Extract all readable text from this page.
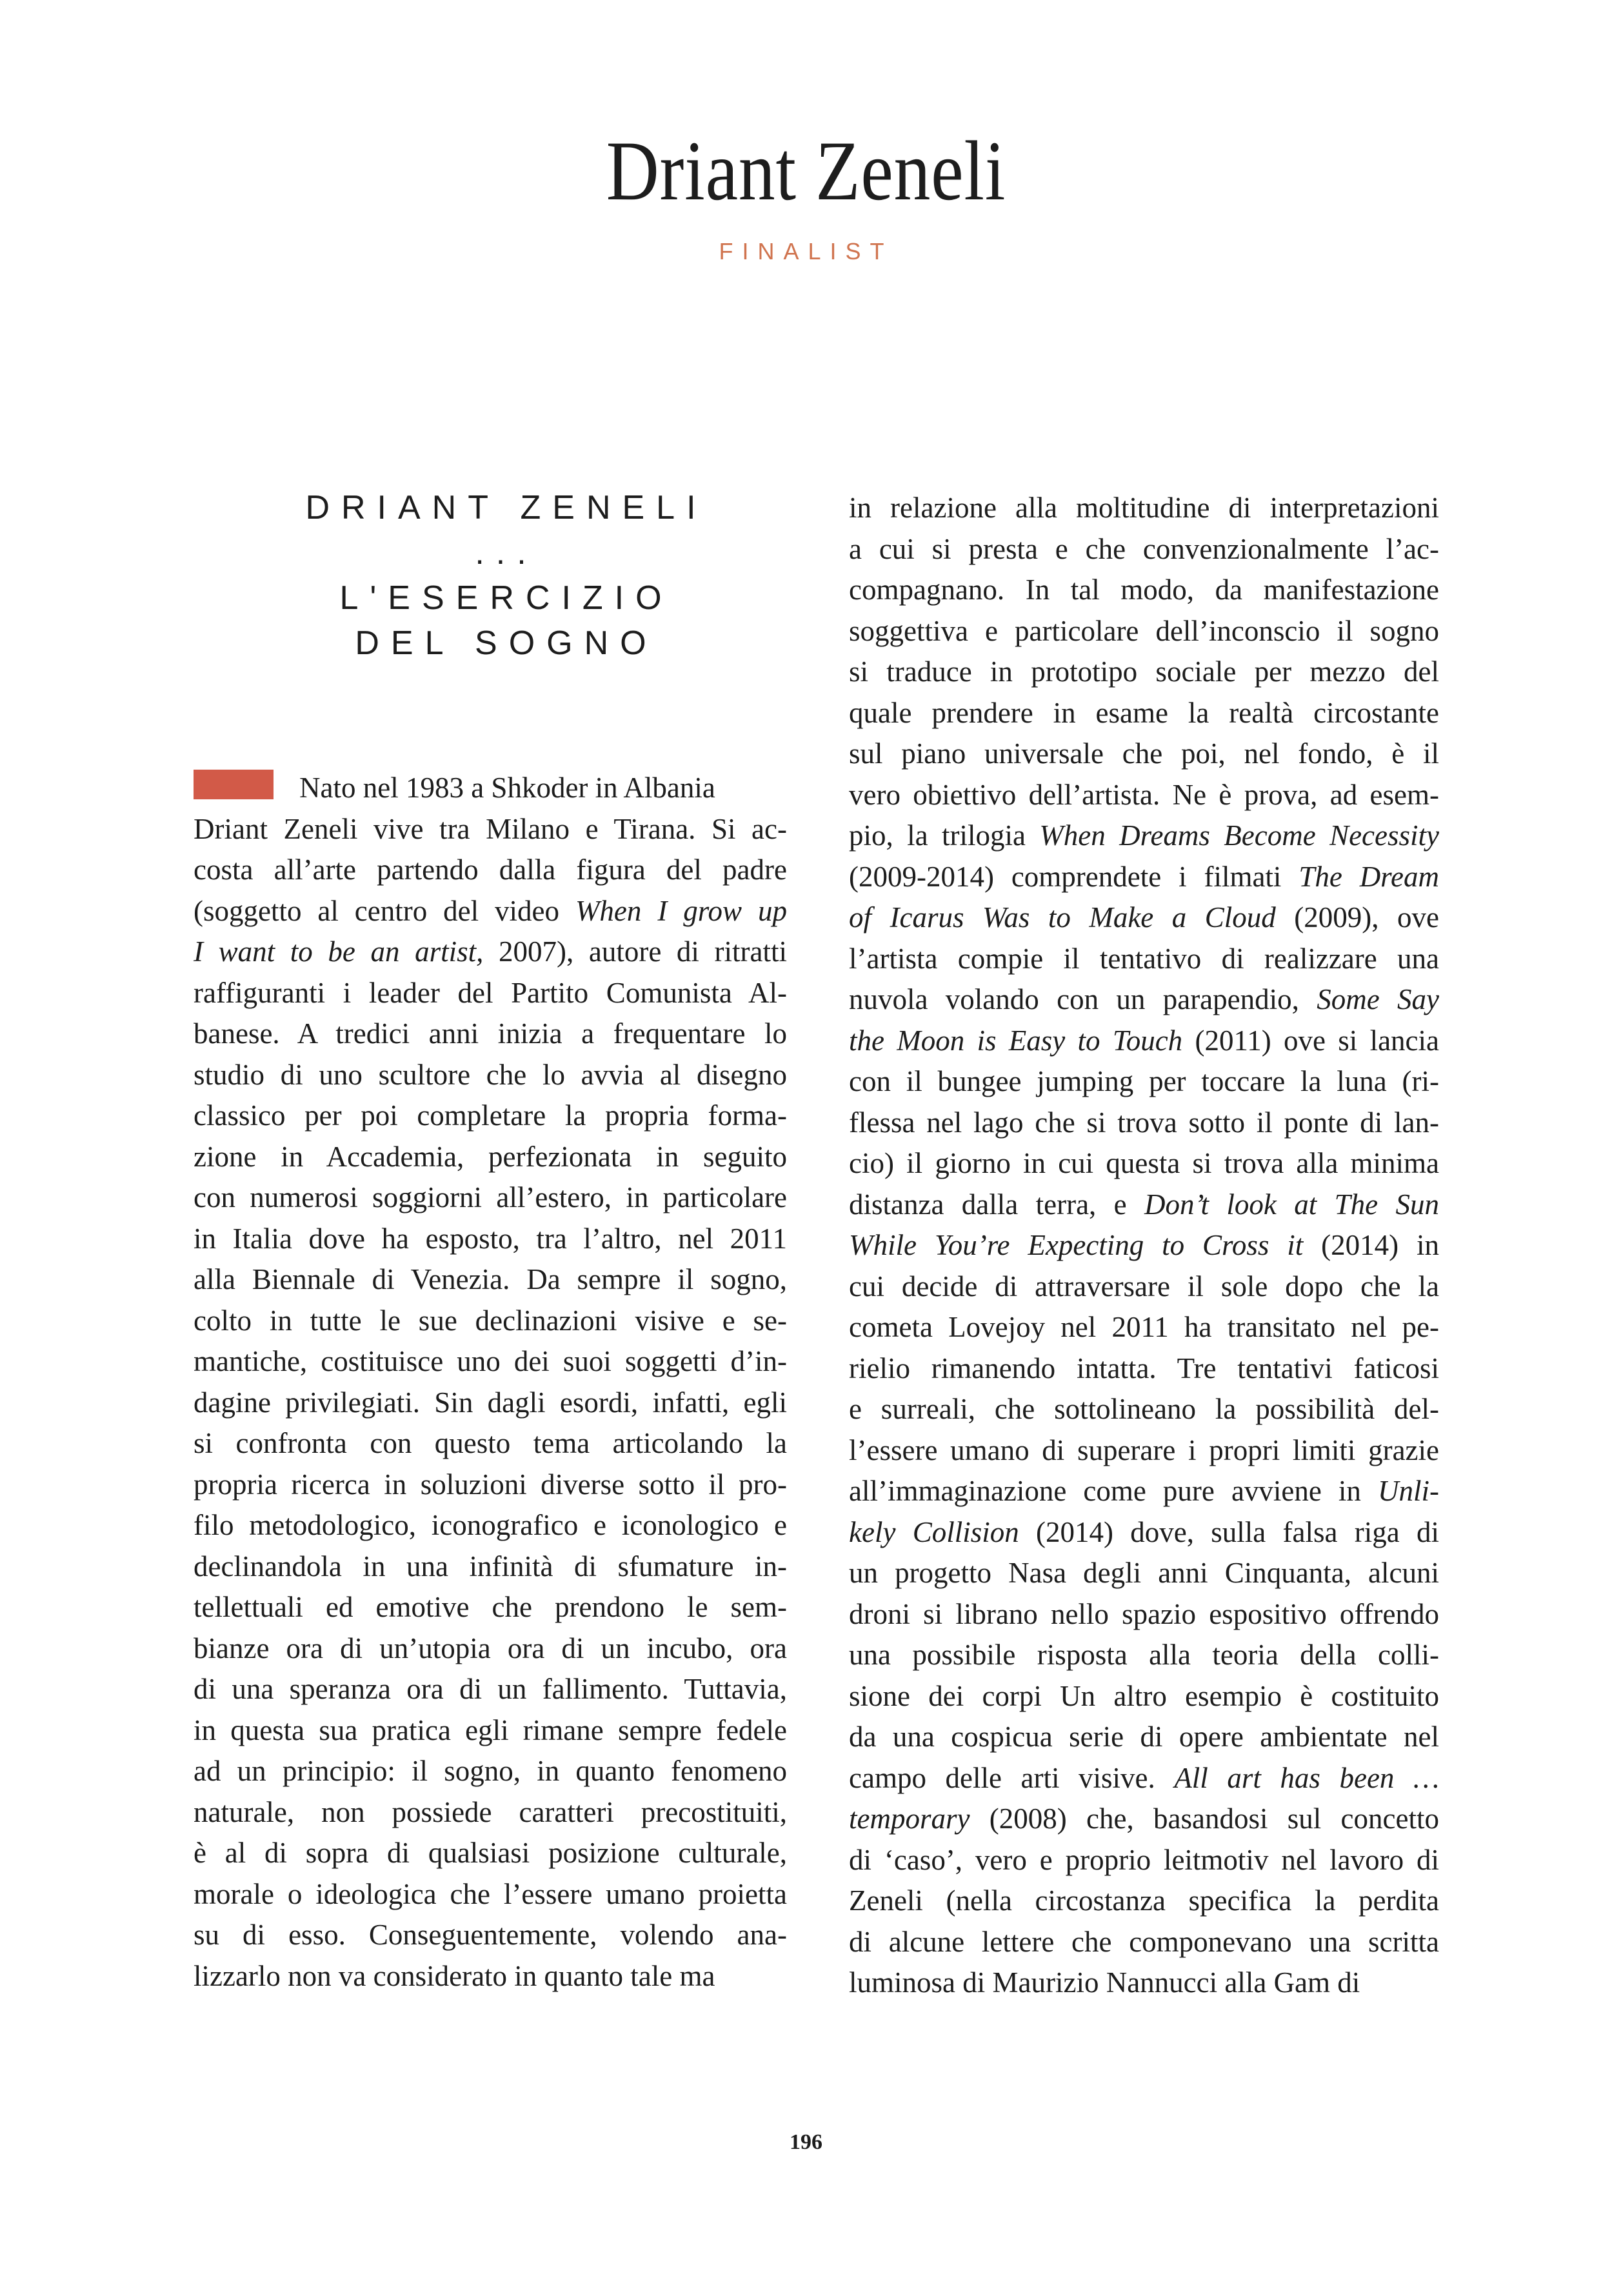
Driant Zeneli
FINALIST
DRIANT ZENELI
...
L'ESERCIZIO
DEL SOGNO
Nato nel 1983 a Shkoder in Albania
Driant Zeneli vive tra Milano e Tirana. Si ac-
costa all’arte partendo dalla figura del padre
(soggetto al centro del video When I grow up
I want to be an artist, 2007), autore di ritratti
raffiguranti i leader del Partito Comunista Al-
banese. A tredici anni inizia a frequentare lo
studio di uno scultore che lo avvia al disegno
classico per poi completare la propria forma-
zione in Accademia, perfezionata in seguito
con numerosi soggiorni all’estero, in particolare
in Italia dove ha esposto, tra l’altro, nel 2011
alla Biennale di Venezia. Da sempre il sogno,
colto in tutte le sue declinazioni visive e se-
mantiche, costituisce uno dei suoi soggetti d’in-
dagine privilegiati. Sin dagli esordi, infatti, egli
si confronta con questo tema articolando la
propria ricerca in soluzioni diverse sotto il pro-
filo metodologico, iconografico e iconologico e
declinandola in una infinità di sfumature in-
tellettuali ed emotive che prendono le sem-
bianze ora di un’utopia ora di un incubo, ora
di una speranza ora di un fallimento. Tuttavia,
in questa sua pratica egli rimane sempre fedele
ad un principio: il sogno, in quanto fenomeno
naturale, non possiede caratteri precostituiti,
è al di sopra di qualsiasi posizione culturale,
morale o ideologica che l’essere umano proietta
su di esso. Conseguentemente, volendo ana-
lizzarlo non va considerato in quanto tale ma
in relazione alla moltitudine di interpretazioni
a cui si presta e che convenzionalmente l’ac-
compagnano. In tal modo, da manifestazione
soggettiva e particolare dell’inconscio il sogno
si traduce in prototipo sociale per mezzo del
quale prendere in esame la realtà circostante
sul piano universale che poi, nel fondo, è il
vero obiettivo dell’artista. Ne è prova, ad esem-
pio, la trilogia When Dreams Become Necessity
(2009-2014) comprendete i filmati The Dream
of Icarus Was to Make a Cloud (2009), ove
l’artista compie il tentativo di realizzare una
nuvola volando con un parapendio, Some Say
the Moon is Easy to Touch (2011) ove si lancia
con il bungee jumping per toccare la luna (ri-
flessa nel lago che si trova sotto il ponte di lan-
cio) il giorno in cui questa si trova alla minima
distanza dalla terra, e Don’t look at The Sun
While You’re Expecting to Cross it (2014) in
cui decide di attraversare il sole dopo che la
cometa Lovejoy nel 2011 ha transitato nel pe-
rielio rimanendo intatta. Tre tentativi faticosi
e surreali, che sottolineano la possibilità del-
l’essere umano di superare i propri limiti grazie
all’immaginazione come pure avviene in Unli-
kely Collision (2014) dove, sulla falsa riga di
un progetto Nasa degli anni Cinquanta, alcuni
droni si librano nello spazio espositivo offrendo
una possibile risposta alla teoria della colli-
sione dei corpi Un altro esempio è costituito
da una cospicua serie di opere ambientate nel
campo delle arti visive. All art has been …
temporary (2008) che, basandosi sul concetto
di ‘caso’, vero e proprio leitmotiv nel lavoro di
Zeneli (nella circostanza specifica la perdita
di alcune lettere che componevano una scritta
luminosa di Maurizio Nannucci alla Gam di
196
